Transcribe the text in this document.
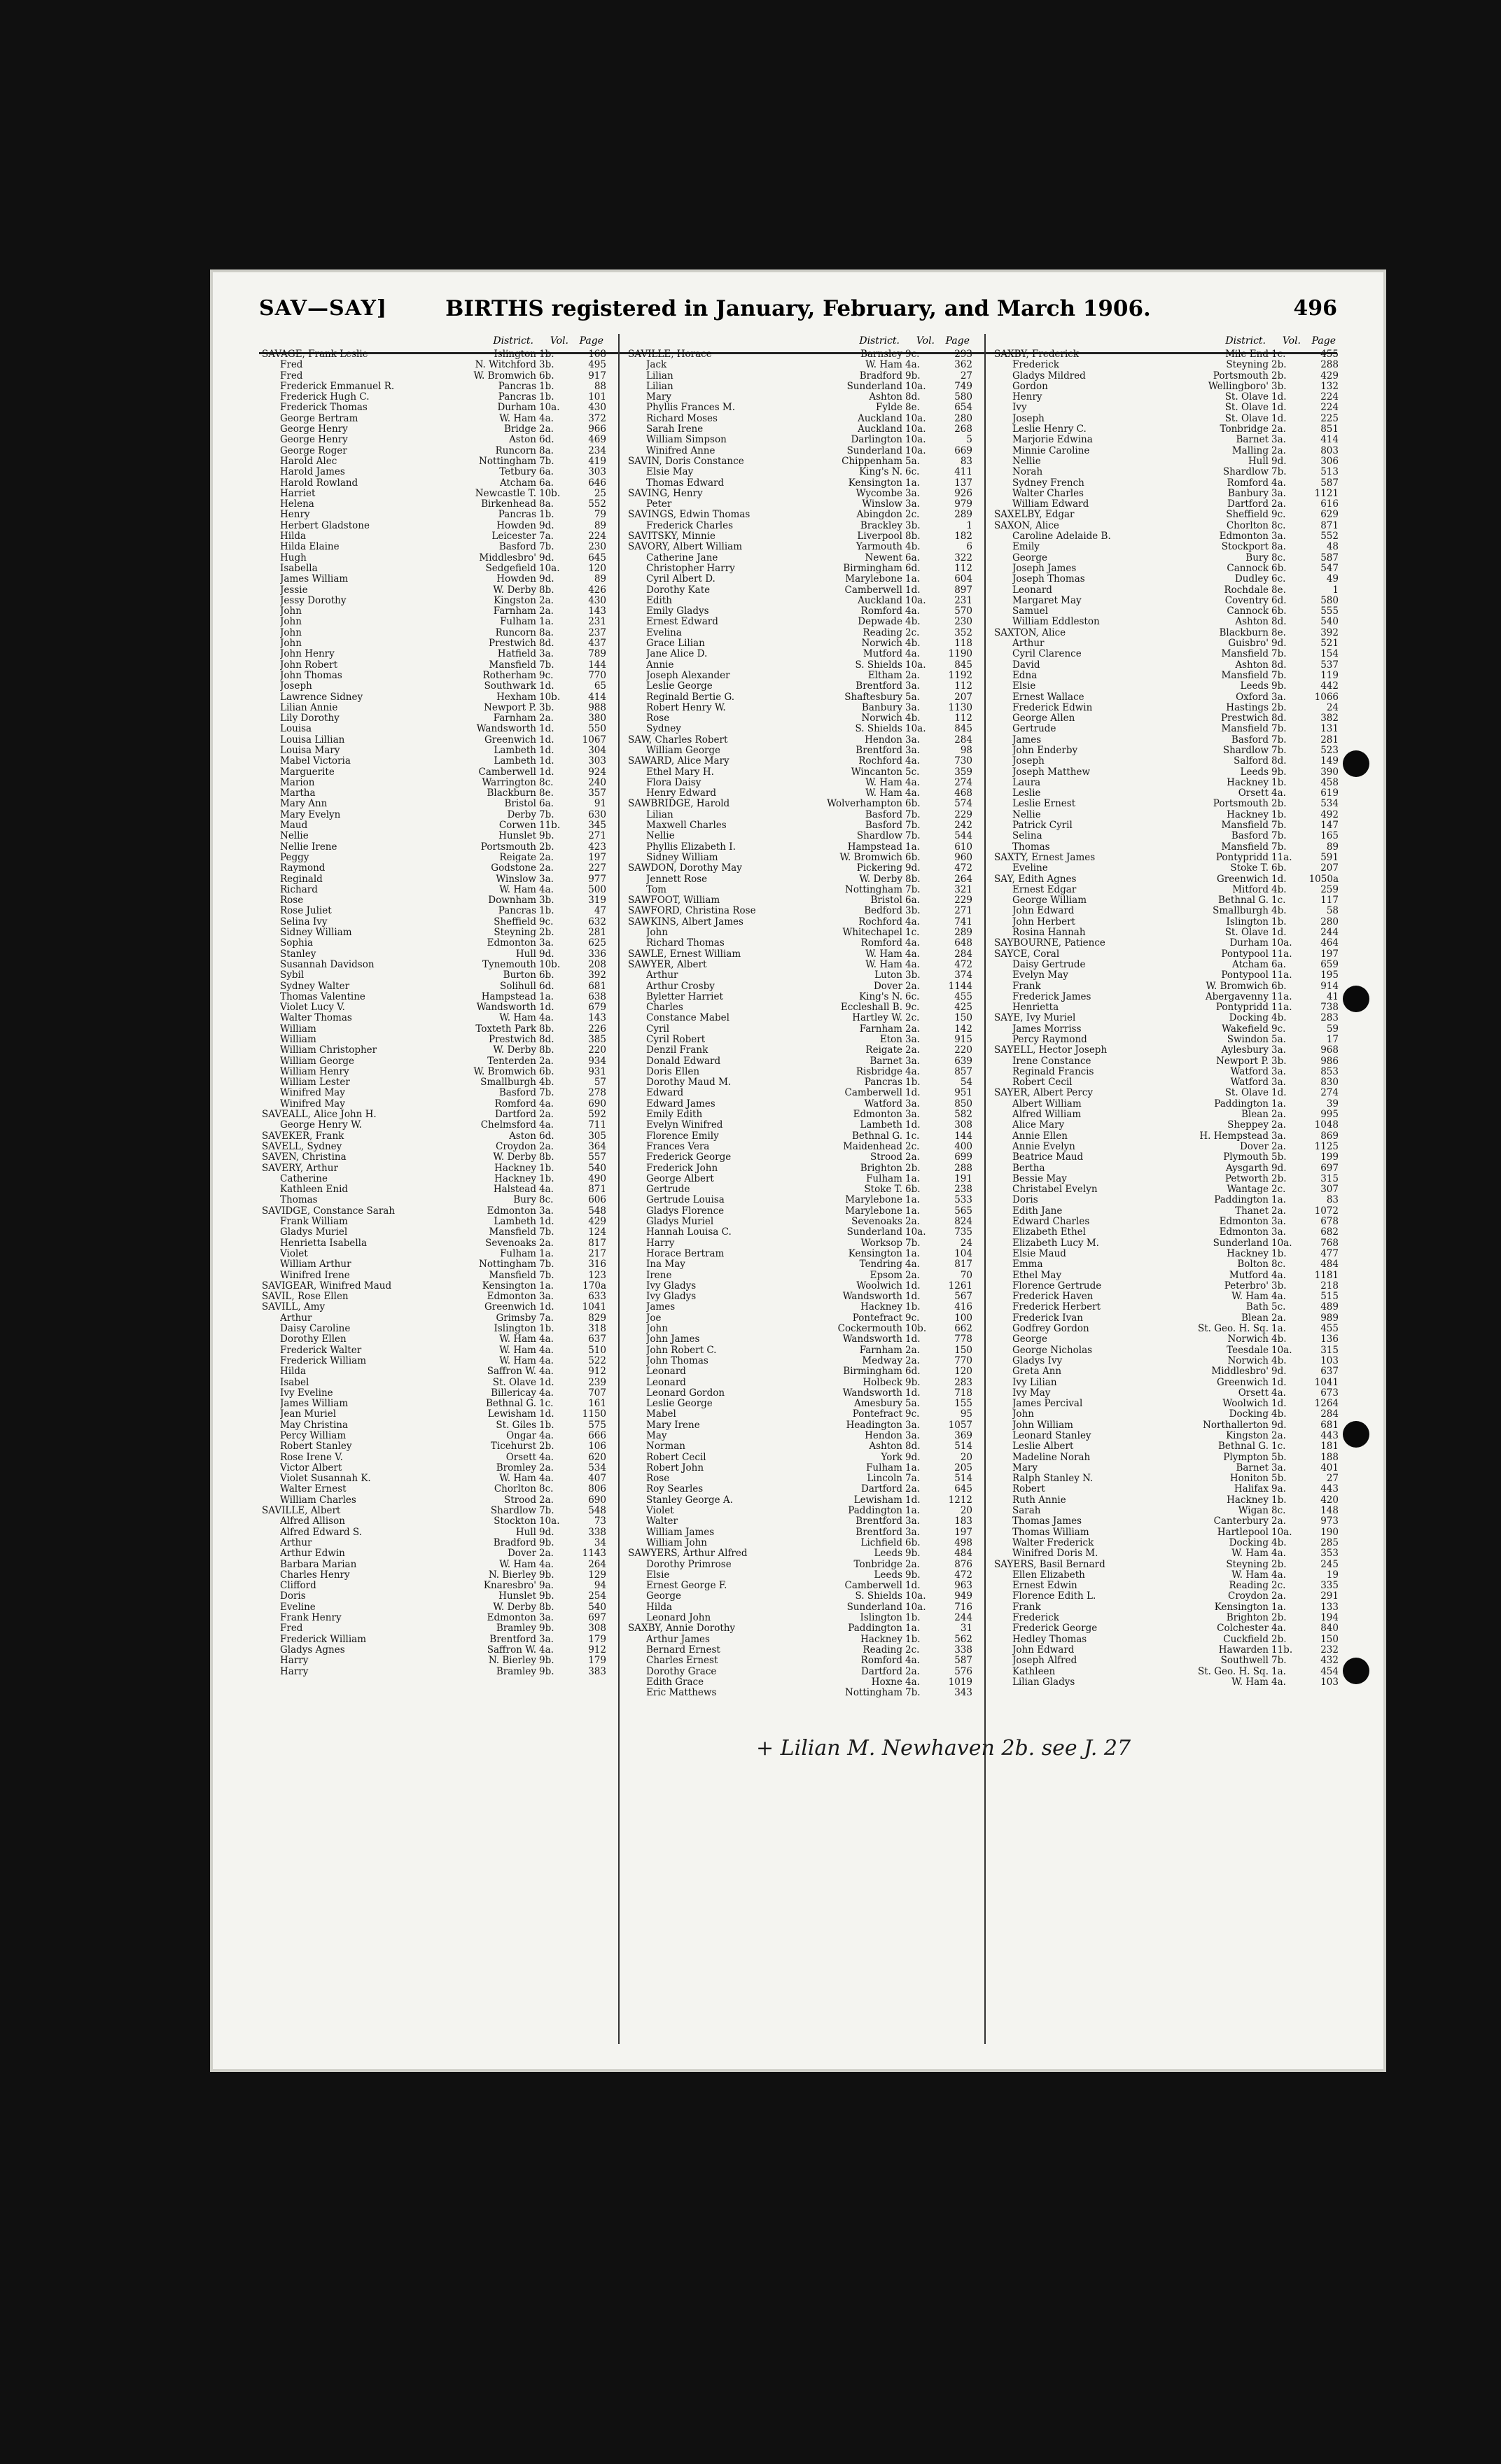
SAV—SAY]	BIRTHS registered in January, February, and March 1906.	496
District. Vol. Page
SAVAGE, Frank Leslie	Islington 1b.	168
—— Fred	N. Witchford 3b.	495
—— Fred	W. Bromwich 6b.	917
—— Frederick Emmanuel R.	Pancras 1b.	88
—— Frederick Hugh C.	Pancras 1b.	101
—— Frederick Thomas	Durham 10a.	430
—— George Bertram	W. Ham 4a.	372
—— George Henry	Bridge 2a.	966
—— George Henry	Aston 6d.	469
—— George Roger	Runcorn 8a.	234
—— Harold Alec	Nottingham 7b.	419
—— Harold James	Tetbury 6a.	303
—— Harold Rowland	Atcham 6a.	646
—— Harriet	Newcastle T. 10b.	25
—— Helena	Birkenhead 8a.	552
—— Henry	Pancras 1b.	79
—— Herbert Gladstone	Howden 9d.	89
—— Hilda	Leicester 7a.	224
—— Hilda Elaine	Basford 7b.	230
—— Hugh	Middlesbro' 9d.	645
—— Isabella	Sedgefield 10a.	120
—— James William	Howden 9d.	89
—— Jessie	W. Derby 8b.	426
—— Jessy Dorothy	Kingston 2a.	430
—— John	Farnham 2a.	143
—— John	Fulham 1a.	231
—— John	Runcorn 8a.	237
—— John	Prestwich 8d.	437
—— John Henry	Hatfield 3a.	789
—— John Robert	Mansfield 7b.	144
—— John Thomas	Rotherham 9c.	770
—— Joseph	Southwark 1d.	65
—— Lawrence Sidney	Hexham 10b.	414
—— Lilian Annie	Newport P. 3b.	988
—— Lily Dorothy	Farnham 2a.	380
—— Louisa	Wandsworth 1d.	550
—— Louisa Lillian	Greenwich 1d.	1067
—— Louisa Mary	Lambeth 1d.	304
—— Mabel Victoria	Lambeth 1d.	303
—— Marguerite	Camberwell 1d.	924
—— Marion	Warrington 8c.	240
—— Martha	Blackburn 8e.	357
—— Mary Ann	Bristol 6a.	91
—— Mary Evelyn	Derby 7b.	630
—— Maud	Corwen 11b.	345
—— Nellie	Hunslet 9b.	271
—— Nellie Irene	Portsmouth 2b.	423
—— Peggy	Reigate 2a.	197
—— Raymond	Godstone 2a.	227
—— Reginald	Winslow 3a.	977
—— Richard	W. Ham 4a.	500
—— Rose	Downham 3b.	319
—— Rose Juliet	Pancras 1b.	47
—— Selina Ivy	Sheffield 9c.	632
—— Sidney William	Steyning 2b.	281
—— Sophia	Edmonton 3a.	625
—— Stanley	Hull 9d.	336
—— Susannah Davidson	Tynemouth 10b.	208
—— Sybil	Burton 6b.	392
—— Sydney Walter	Solihull 6d.	681
—— Thomas Valentine	Hampstead 1a.	638
—— Violet Lucy V.	Wandsworth 1d.	679
—— Walter Thomas	W. Ham 4a.	143
—— William	Toxteth Park 8b.	226
—— William	Prestwich 8d.	385
—— William Christopher	W. Derby 8b.	220
—— William George	Tenterden 2a.	934
—— William Henry	W. Bromwich 6b.	931
—— William Lester	Smallburgh 4b.	57
—— Winifred May	Basford 7b.	278
—— Winifred May	Romford 4a.	690
SAVEALL, Alice John H.	Dartford 2a.	592
—— George Henry W.	Chelmsford 4a.	711
SAVEKER, Frank	Aston 6d.	305
SAVELL, Sydney	Croydon 2a.	364
SAVEN, Christina	W. Derby 8b.	557
SAVERY, Arthur	Hackney 1b.	540
—— Catherine	Hackney 1b.	490
—— Kathleen Enid	Halstead 4a.	871
—— Thomas	Bury 8c.	606
SAVIDGE, Constance Sarah	Edmonton 3a.	548
—— Frank William	Lambeth 1d.	429
—— Gladys Muriel	Mansfield 7b.	124
—— Henrietta Isabella	Sevenoaks 2a.	817
—— Violet	Fulham 1a.	217
—— William Arthur	Nottingham 7b.	316
—— Winifred Irene	Mansfield 7b.	123
SAVIGEAR, Winifred Maud	Kensington 1a.	170a
SAVIL, Rose Ellen	Edmonton 3a.	633
SAVILL, Amy	Greenwich 1d.	1041
—— Arthur	Grimsby 7a.	829
—— Daisy Caroline	Islington 1b.	318
—— Dorothy Ellen	W. Ham 4a.	637
—— Frederick Walter	W. Ham 4a.	510
—— Frederick William	W. Ham 4a.	522
—— Hilda	Saffron W. 4a.	912
—— Isabel	St. Olave 1d.	239
—— Ivy Eveline	Billericay 4a.	707
—— James William	Bethnal G. 1c.	161
—— Jean Muriel	Lewisham 1d.	1150
—— May Christina	St. Giles 1b.	575
—— Percy William	Ongar 4a.	666
—— Robert Stanley	Ticehurst 2b.	106
—— Rose Irene V.	Orsett 4a.	620
—— Victor Albert	Bromley 2a.	534
—— Violet Susannah K.	W. Ham 4a.	407
—— Walter Ernest	Chorlton 8c.	806
—— William Charles	Strood 2a.	690
SAVILLE, Albert	Shardlow 7b.	548
—— Alfred Allison	Stockton 10a.	73
—— Alfred Edward S.	Hull 9d.	338
—— Arthur	Bradford 9b.	34
—— Arthur Edwin	Dover 2a.	1143
—— Barbara Marian	W. Ham 4a.	264
—— Charles Henry	N. Bierley 9b.	129
—— Clifford	Knaresbro' 9a.	94
—— Doris	Hunslet 9b.	254
—— Eveline	W. Derby 8b.	540
—— Frank Henry	Edmonton 3a.	697
—— Fred	Bramley 9b.	308
—— Frederick William	Brentford 3a.	179
—— Gladys Agnes	Saffron W. 4a.	912
—— Harry	N. Bierley 9b.	179
—— Harry	Bramley 9b.	383
District. Vol. Page
SAVILLE, Horace	Barnsley 9c.	293
—— Jack	W. Ham 4a.	362
—— Lilian	Bradford 9b.	27
—— Lilian	Sunderland 10a.	749
—— Mary	Ashton 8d.	580
—— Phyllis Frances M.	Fylde 8e.	654
—— Richard Moses	Auckland 10a.	280
—— Sarah Irene	Auckland 10a.	268
—— William Simpson	Darlington 10a.	5
—— Winifred Anne	Sunderland 10a.	669
SAVIN, Doris Constance	Chippenham 5a.	83
—— Elsie May	King's N. 6c.	411
—— Thomas Edward	Kensington 1a.	137
SAVING, Henry	Wycombe 3a.	926
—— Peter	Winslow 3a.	979
SAVINGS, Edwin Thomas	Abingdon 2c.	289
—— Frederick Charles	Brackley 3b.	1
SAVITSKY, Minnie	Liverpool 8b.	182
SAVORY, Albert William	Yarmouth 4b.	6
—— Catherine Jane	Newent 6a.	322
—— Christopher Harry	Birmingham 6d.	112
—— Cyril Albert D.	Marylebone 1a.	604
—— Dorothy Kate	Camberwell 1d.	897
—— Edith	Auckland 10a.	231
—— Emily Gladys	Romford 4a.	570
—— Ernest Edward	Depwade 4b.	230
—— Evelina	Reading 2c.	352
—— Grace Lilian	Norwich 4b.	118
—— Jane Alice D.	Mutford 4a.	1190
—— Annie	S. Shields 10a.	845
—— Joseph Alexander	Eltham 2a.	1192
—— Leslie George	Brentford 3a.	112
—— Reginald Bertie G.	Shaftesbury 5a.	207
—— Robert Henry W.	Banbury 3a.	1130
—— Rose	Norwich 4b.	112
—— Sydney	S. Shields 10a.	845
SAW, Charles Robert	Hendon 3a.	284
—— William George	Brentford 3a.	98
SAWARD, Alice Mary	Rochford 4a.	730
—— Ethel Mary H.	Wincanton 5c.	359
—— Flora Daisy	W. Ham 4a.	274
—— Henry Edward	W. Ham 4a.	468
SAWBRIDGE, Harold	Wolverhampton 6b.	574
—— Lilian	Basford 7b.	229
—— Maxwell Charles	Basford 7b.	242
—— Nellie	Shardlow 7b.	544
—— Phyllis Elizabeth I.	Hampstead 1a.	610
—— Sidney William	W. Bromwich 6b.	960
SAWDON, Dorothy May	Pickering 9d.	472
—— Jennett Rose	W. Derby 8b.	264
—— Tom	Nottingham 7b.	321
SAWFOOT, William	Bristol 6a.	229
SAWFORD, Christina Rose	Bedford 3b.	271
SAWKINS, Albert James	Rochford 4a.	741
—— John	Whitechapel 1c.	289
—— Richard Thomas	Romford 4a.	648
SAWLE, Ernest William	W. Ham 4a.	284
SAWYER, Albert	W. Ham 4a.	472
—— Arthur	Luton 3b.	374
—— Arthur Crosby	Dover 2a.	1144
—— Byletter Harriet	King's N. 6c.	455
—— Charles	Eccleshall B. 9c.	425
—— Constance Mabel	Hartley W. 2c.	150
—— Cyril	Farnham 2a.	142
—— Cyril Robert	Eton 3a.	915
—— Denzil Frank	Reigate 2a.	220
—— Donald Edward	Barnet 3a.	639
—— Doris Ellen	Risbridge 4a.	857
—— Dorothy Maud M.	Pancras 1b.	54
—— Edward	Camberwell 1d.	951
—— Edward James	Watford 3a.	850
—— Emily Edith	Edmonton 3a.	582
—— Evelyn Winifred	Lambeth 1d.	308
—— Florence Emily	Bethnal G. 1c.	144
—— Frances Vera	Maidenhead 2c.	400
—— Frederick George	Strood 2a.	699
—— Frederick John	Brighton 2b.	288
—— George Albert	Fulham 1a.	191
—— Gertrude	Stoke T. 6b.	238
—— Gertrude Louisa	Marylebone 1a.	533
—— Gladys Florence	Marylebone 1a.	565
—— Gladys Muriel	Sevenoaks 2a.	824
—— Hannah Louisa C.	Sunderland 10a.	735
—— Harry	Worksop 7b.	24
—— Horace Bertram	Kensington 1a.	104
—— Ina May	Tendring 4a.	817
—— Irene	Epsom 2a.	70
—— Ivy Gladys	Woolwich 1d.	1261
—— Ivy Gladys	Wandsworth 1d.	567
—— James	Hackney 1b.	416
—— Joe	Pontefract 9c.	100
—— John	Cockermouth 10b.	662
—— John James	Wandsworth 1d.	778
—— John Robert C.	Farnham 2a.	150
—— John Thomas	Medway 2a.	770
—— Leonard	Birmingham 6d.	120
—— Leonard	Holbeck 9b.	283
—— Leonard Gordon	Wandsworth 1d.	718
—— Leslie George	Amesbury 5a.	155
—— Mabel	Pontefract 9c.	95
—— Mary Irene	Headington 3a.	1057
—— May	Hendon 3a.	369
—— Norman	Ashton 8d.	514
—— Robert Cecil	York 9d.	20
—— Robert John	Fulham 1a.	205
—— Rose	Lincoln 7a.	514
—— Roy Searles	Dartford 2a.	645
—— Stanley George A.	Lewisham 1d.	1212
—— Violet	Paddington 1a.	20
—— Walter	Brentford 3a.	183
—— William James	Brentford 3a.	197
—— William John	Lichfield 6b.	498
SAWYERS, Arthur Alfred	Leeds 9b.	484
—— Dorothy Primrose	Tonbridge 2a.	876
—— Elsie	Leeds 9b.	472
—— Ernest George F.	Camberwell 1d.	963
—— George	S. Shields 10a.	949
—— Hilda	Sunderland 10a.	716
—— Leonard John	Islington 1b.	244
SAXBY, Annie Dorothy	Paddington 1a.	31
—— Arthur James	Hackney 1b.	562
—— Bernard Ernest	Reading 2c.	338
—— Charles Ernest	Romford 4a.	587
—— Dorothy Grace	Dartford 2a.	576
—— Edith Grace	Hoxne 4a.	1019
—— Eric Matthews	Nottingham 7b.	343
District. Vol. Page
SAXBY, Frederick	Mile End 1c.	455
—— Frederick	Steyning 2b.	288
—— Gladys Mildred	Portsmouth 2b.	429
—— Gordon	Wellingboro' 3b.	132
—— Henry	St. Olave 1d.	224
—— Ivy	St. Olave 1d.	224
—— Joseph	St. Olave 1d.	225
—— Leslie Henry C.	Tonbridge 2a.	851
—— Marjorie Edwina	Barnet 3a.	414
—— Minnie Caroline	Malling 2a.	803
—— Nellie	Hull 9d.	306
—— Norah	Shardlow 7b.	513
—— Sydney French	Romford 4a.	587
—— Walter Charles	Banbury 3a.	1121
—— William Edward	Dartford 2a.	616
SAXELBY, Edgar	Sheffield 9c.	629
SAXON, Alice	Chorlton 8c.	871
—— Caroline Adelaide B.	Edmonton 3a.	552
—— Emily	Stockport 8a.	48
—— George	Bury 8c.	587
—— Joseph James	Cannock 6b.	547
—— Joseph Thomas	Dudley 6c.	49
—— Leonard	Rochdale 8e.	1
—— Margaret May	Coventry 6d.	580
—— Samuel	Cannock 6b.	555
—— William Eddleston	Ashton 8d.	540
SAXTON, Alice	Blackburn 8e.	392
—— Arthur	Guisbro' 9d.	521
—— Cyril Clarence	Mansfield 7b.	154
—— David	Ashton 8d.	537
—— Edna	Mansfield 7b.	119
—— Elsie	Leeds 9b.	442
—— Ernest Wallace	Oxford 3a.	1066
—— Frederick Edwin	Hastings 2b.	24
—— George Allen	Prestwich 8d.	382
—— Gertrude	Mansfield 7b.	131
—— James	Basford 7b.	281
—— John Enderby	Shardlow 7b.	523
—— Joseph	Salford 8d.	149
—— Joseph Matthew	Leeds 9b.	390
—— Laura	Hackney 1b.	458
—— Leslie	Orsett 4a.	619
—— Leslie Ernest	Portsmouth 2b.	534
—— Nellie	Hackney 1b.	492
—— Patrick Cyril	Mansfield 7b.	147
—— Selina	Basford 7b.	165
—— Thomas	Mansfield 7b.	89
SAXTY, Ernest James	Pontypridd 11a.	591
—— Eveline	Stoke T. 6b.	207
SAY, Edith Agnes	Greenwich 1d.	1050a
—— Ernest Edgar	Mitford 4b.	259
—— George William	Bethnal G. 1c.	117
—— John Edward	Smallburgh 4b.	58
—— John Herbert	Islington 1b.	280
—— Rosina Hannah	St. Olave 1d.	244
SAYBOURNE, Patience	Durham 10a.	464
SAYCE, Coral	Pontypool 11a.	197
—— Daisy Gertrude	Atcham 6a.	659
—— Evelyn May	Pontypool 11a.	195
—— Frank	W. Bromwich 6b.	914
—— Frederick James	Abergavenny 11a.	41
—— Henrietta	Pontypridd 11a.	738
SAYE, Ivy Muriel	Docking 4b.	283
—— James Morriss	Wakefield 9c.	59
—— Percy Raymond	Swindon 5a.	17
SAYELL, Hector Joseph	Aylesbury 3a.	968
—— Irene Constance	Newport P. 3b.	986
—— Reginald Francis	Watford 3a.	853
—— Robert Cecil	Watford 3a.	830
SAYER, Albert Percy	St. Olave 1d.	274
—— Albert William	Paddington 1a.	39
—— Alfred William	Blean 2a.	995
—— Alice Mary	Sheppey 2a.	1048
—— Annie Ellen	H. Hempstead 3a.	869
—— Annie Evelyn	Dover 2a.	1125
—— Beatrice Maud	Plymouth 5b.	199
—— Bertha	Aysgarth 9d.	697
—— Bessie May	Petworth 2b.	315
—— Christabel Evelyn	Wantage 2c.	307
—— Doris	Paddington 1a.	83
—— Edith Jane	Thanet 2a.	1072
—— Edward Charles	Edmonton 3a.	678
—— Elizabeth Ethel	Edmonton 3a.	682
—— Elizabeth Lucy M.	Sunderland 10a.	768
—— Elsie Maud	Hackney 1b.	477
—— Emma	Bolton 8c.	484
—— Ethel May	Mutford 4a.	1181
—— Florence Gertrude	Peterbro' 3b.	218
—— Frederick Haven	W. Ham 4a.	515
—— Frederick Herbert	Bath 5c.	489
—— Frederick Ivan	Blean 2a.	989
—— Godfrey Gordon	St. Geo. H. Sq. 1a.	455
—— George	Norwich 4b.	136
—— George Nicholas	Teesdale 10a.	315
—— Gladys Ivy	Norwich 4b.	103
—— Greta Ann	Middlesbro' 9d.	637
—— Ivy Lilian	Greenwich 1d.	1041
—— Ivy May	Orsett 4a.	673
—— James Percival	Woolwich 1d.	1264
—— John	Docking 4b.	284
—— John William	Northallerton 9d.	681
—— Leonard Stanley	Kingston 2a.	443
—— Leslie Albert	Bethnal G. 1c.	181
—— Madeline Norah	Plympton 5b.	188
—— Mary	Barnet 3a.	401
—— Ralph Stanley N.	Honiton 5b.	27
—— Robert	Halifax 9a.	443
—— Ruth Annie	Hackney 1b.	420
—— Sarah	Wigan 8c.	148
—— Thomas James	Canterbury 2a.	973
—— Thomas William	Hartlepool 10a.	190
—— Walter Frederick	Docking 4b.	285
—— Winifred Doris M.	W. Ham 4a.	353
SAYERS, Basil Bernard	Steyning 2b.	245
—— Ellen Elizabeth	W. Ham 4a.	19
—— Ernest Edwin	Reading 2c.	335
—— Florence Edith L.	Croydon 2a.	291
—— Frank	Kensington 1a.	133
—— Frederick	Brighton 2b.	194
—— Frederick George	Colchester 4a.	840
—— Hedley Thomas	Cuckfield 2b.	150
—— John Edward	Hawarden 11b.	232
—— Joseph Alfred	Southwell 7b.	432
—— Kathleen	St. Geo. H. Sq. 1a.	454
—— Lilian Gladys	W. Ham 4a.	103
+ Lilian M. Newhaven 2b. see J. 27
